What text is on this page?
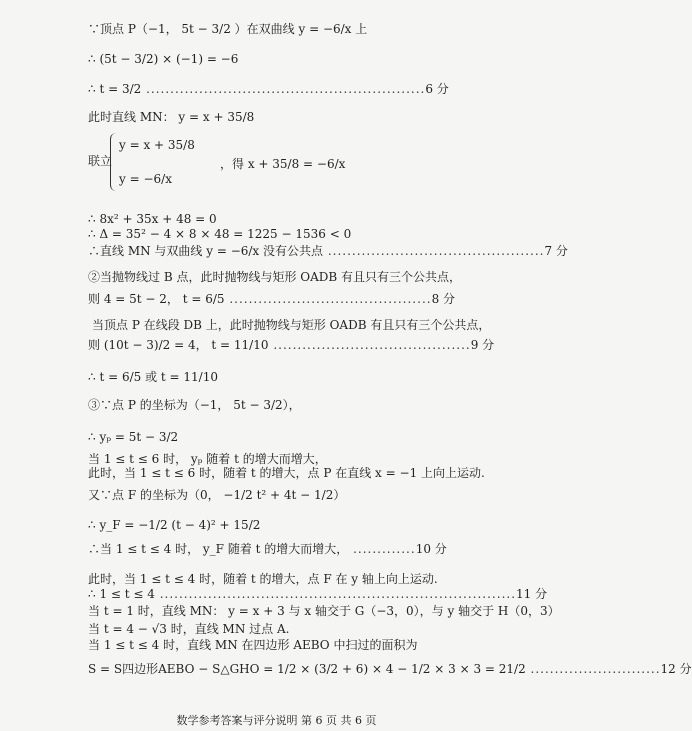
∵顶点 P（−1， 5t − 3/2 ）在双曲线 y = −6/x 上
∴ (5t − 3/2) × (−1) = −6
∴ t = 3/2 ..........................................................6 分
此时直线 MN： y = x + 35/8
联立
y = x + 35/8
y = −6/x
，得 x + 35/8 = −6/x
∴ 8x² + 35x + 48 = 0
∴ Δ = 35² − 4 × 8 × 48 = 1225 − 1536 < 0
∴直线 MN 与双曲线 y = −6/x 没有公共点 .............................................7 分
②当抛物线过 B 点，此时抛物线与矩形 OADB 有且只有三个公共点，
则 4 = 5t − 2， t = 6/5 ..........................................8 分
当顶点 P 在线段 DB 上，此时抛物线与矩形 OADB 有且只有三个公共点，
则 (10t − 3)/2 = 4， t = 11/10 .........................................9 分
∴ t = 6/5 或 t = 11/10
③∵点 P 的坐标为（−1， 5t − 3/2），
∴ yₚ = 5t − 3/2
当 1 ≤ t ≤ 6 时， yₚ 随着 t 的增大而增大，
此时，当 1 ≤ t ≤ 6 时，随着 t 的增大，点 P 在直线 x = −1 上向上运动.
又∵点 F 的坐标为（0， −1/2 t² + 4t − 1/2）
∴ y_F = −1/2 (t − 4)² + 15/2
∴当 1 ≤ t ≤ 4 时， y_F 随着 t 的增大而增大， .............10 分
此时，当 1 ≤ t ≤ 4 时，随着 t 的增大，点 F 在 y 轴上向上运动.
∴ 1 ≤ t ≤ 4 ..........................................................................11 分
当 t = 1 时，直线 MN： y = x + 3 与 x 轴交于 G（−3，0），与 y 轴交于 H（0，3）
当 t = 4 − √3 时，直线 MN 过点 A.
当 1 ≤ t ≤ 4 时，直线 MN 在四边形 AEBO 中扫过的面积为
S = S四边形AEBO − S△GHO = 1/2 × (3/2 + 6) × 4 − 1/2 × 3 × 3 = 21/2 ...........................12 分
数学参考答案与评分说明 第 6 页 共 6 页
